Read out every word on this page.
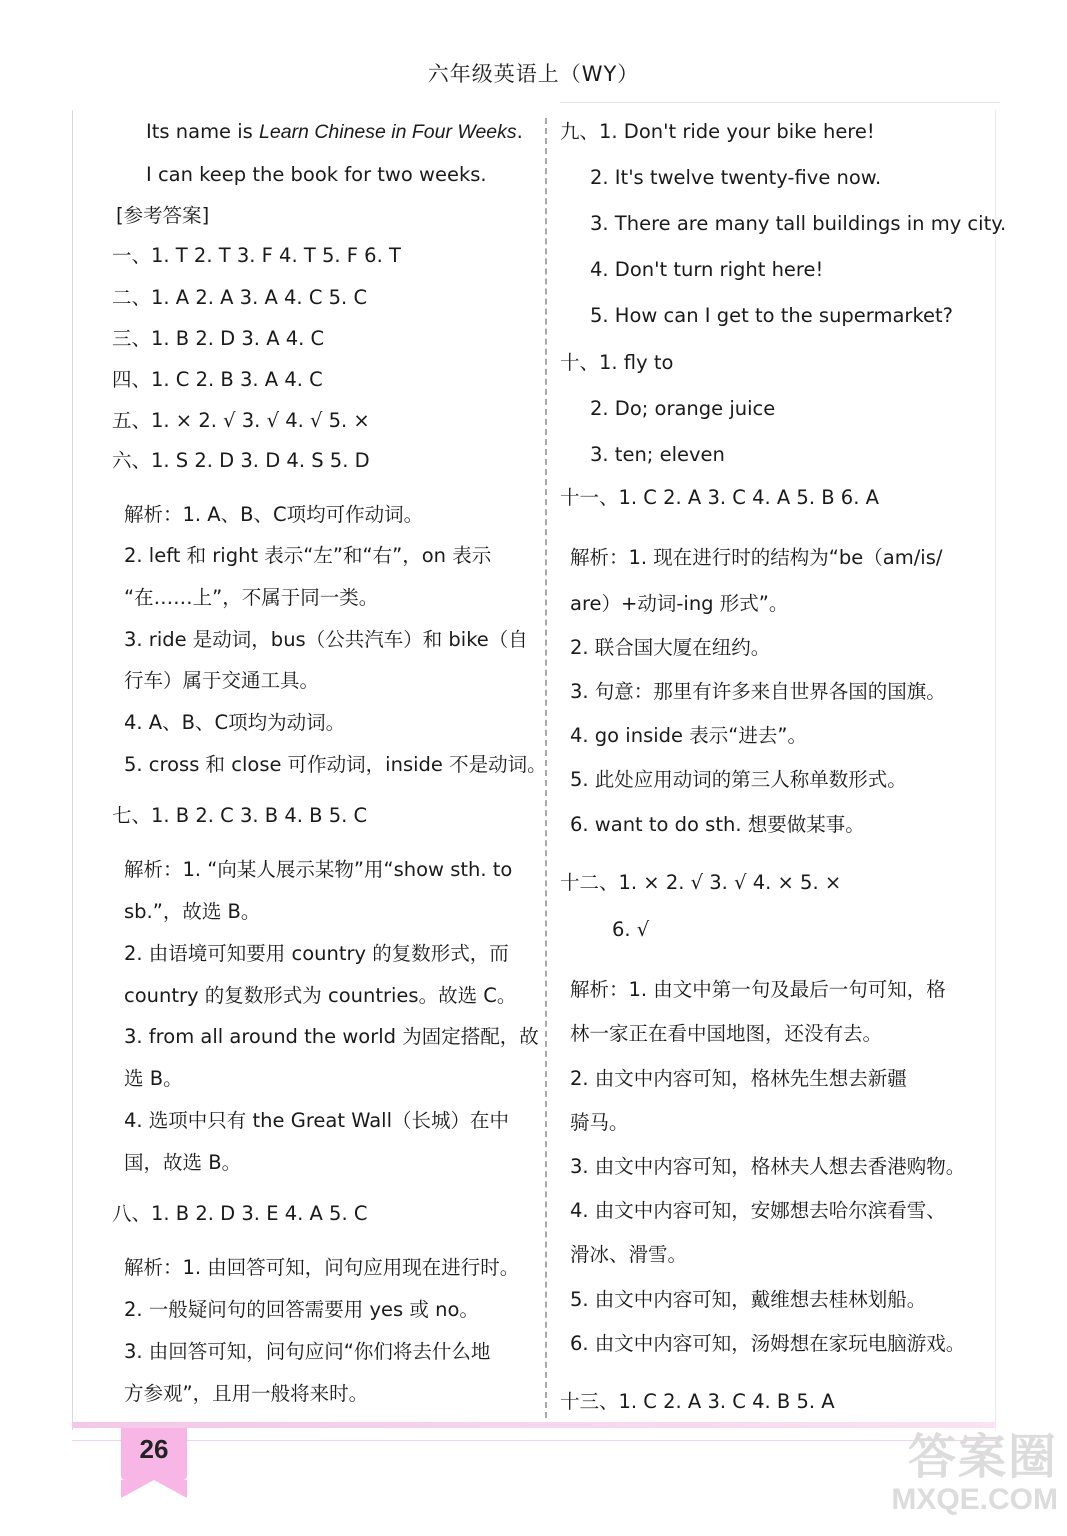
六年级英语上（WY）
Its name is Learn Chinese in Four Weeks.
I can keep the book for two weeks.
[参考答案]
一、1. T 2. T 3. F 4. T 5. F 6. T
二、1. A 2. A 3. A 4. C 5. C
三、1. B 2. D 3. A 4. C
四、1. C 2. B 3. A 4. C
五、1. × 2. √ 3. √ 4. √ 5. ×
六、1. S 2. D 3. D 4. S 5. D
解析：1. A、B、C项均可作动词。
2. left 和 right 表示“左”和“右”，on 表示
“在……上”，不属于同一类。
3. ride 是动词，bus（公共汽车）和 bike（自
行车）属于交通工具。
4. A、B、C项均为动词。
5. cross 和 close 可作动词，inside 不是动词。
七、1. B 2. C 3. B 4. B 5. C
解析：1. “向某人展示某物”用“show sth. to
sb.”，故选 B。
2. 由语境可知要用 country 的复数形式，而
country 的复数形式为 countries。故选 C。
3. from all around the world 为固定搭配，故
选 B。
4. 选项中只有 the Great Wall（长城）在中
国，故选 B。
八、1. B 2. D 3. E 4. A 5. C
解析：1. 由回答可知，问句应用现在进行时。
2. 一般疑问句的回答需要用 yes 或 no。
3. 由回答可知，问句应问“你们将去什么地
方参观”，且用一般将来时。
九、1. Don't ride your bike here!
2. It's twelve twenty-five now.
3. There are many tall buildings in my city.
4. Don't turn right here!
5. How can I get to the supermarket?
十、1. fly to
2. Do; orange juice
3. ten; eleven
十一、1. C 2. A 3. C 4. A 5. B 6. A
解析：1. 现在进行时的结构为“be（am/is/
are）+动词-ing 形式”。
2. 联合国大厦在纽约。
3. 句意：那里有许多来自世界各国的国旗。
4. go inside 表示“进去”。
5. 此处应用动词的第三人称单数形式。
6. want to do sth. 想要做某事。
十二、1. × 2. √ 3. √ 4. × 5. ×
6. √
解析：1. 由文中第一句及最后一句可知，格
林一家正在看中国地图，还没有去。
2. 由文中内容可知，格林先生想去新疆
骑马。
3. 由文中内容可知，格林夫人想去香港购物。
4. 由文中内容可知，安娜想去哈尔滨看雪、
滑冰、滑雪。
5. 由文中内容可知，戴维想去桂林划船。
6. 由文中内容可知，汤姆想在家玩电脑游戏。
十三、1. C 2. A 3. C 4. B 5. A
26	答案圈
MXQE.COM
